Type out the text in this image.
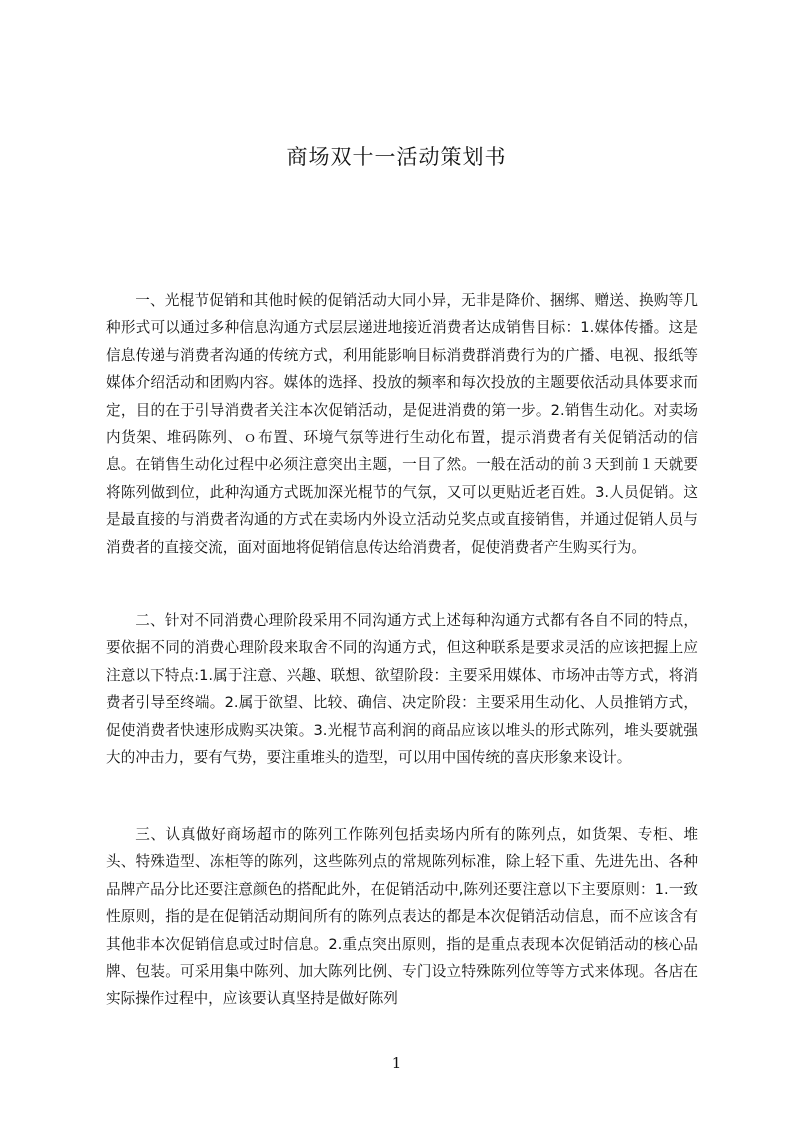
商场双十一活动策划书

一、光棍节促销和其他时候的促销活动大同小异，无非是降价、捆绑、赠送、换购等几种形式可以通过多种信息沟通方式层层递进地接近消费者达成销售目标：1.媒体传播。这是信息传递与消费者沟通的传统方式，利用能影响目标消费群消费行为的广播、电视、报纸等媒体介绍活动和团购内容。媒体的选择、投放的频率和每次投放的主题要依活动具体要求而定，目的在于引导消费者关注本次促销活动，是促进消费的第一步。2.销售生动化。对卖场内货架、堆码陈列、ｏ布置、环境气氛等进行生动化布置，提示消费者有关促销活动的信息。在销售生动化过程中必须注意突出主题，一目了然。一般在活动的前３天到前１天就要将陈列做到位，此种沟通方式既加深光棍节的气氛，又可以更贴近老百姓。3.人员促销。这是最直接的与消费者沟通的方式在卖场内外设立活动兑奖点或直接销售，并通过促销人员与消费者的直接交流，面对面地将促销信息传达给消费者，促使消费者产生购买行为。

二、针对不同消费心理阶段采用不同沟通方式上述每种沟通方式都有各自不同的特点，要依据不同的消费心理阶段来取舍不同的沟通方式，但这种联系是要求灵活的应该把握上应注意以下特点:1.属于注意、兴趣、联想、欲望阶段：主要采用媒体、市场冲击等方式，将消费者引导至终端。2.属于欲望、比较、确信、决定阶段：主要采用生动化、人员推销方式，促使消费者快速形成购买决策。3.光棍节高利润的商品应该以堆头的形式陈列，堆头要就强大的冲击力，要有气势，要注重堆头的造型，可以用中国传统的喜庆形象来设计。

三、认真做好商场超市的陈列工作陈列包括卖场内所有的陈列点，如货架、专柜、堆头、特殊造型、冻柜等的陈列，这些陈列点的常规陈列标准，除上轻下重、先进先出、各种品牌产品分比还要注意颜色的搭配此外，在促销活动中,陈列还要注意以下主要原则：1.一致性原则，指的是在促销活动期间所有的陈列点表达的都是本次促销活动信息，而不应该含有其他非本次促销信息或过时信息。2.重点突出原则，指的是重点表现本次促销活动的核心品牌、包装。可采用集中陈列、加大陈列比例、专门设立特殊陈列位等等方式来体现。各店在实际操作过程中，应该要认真坚持是做好陈列

1
